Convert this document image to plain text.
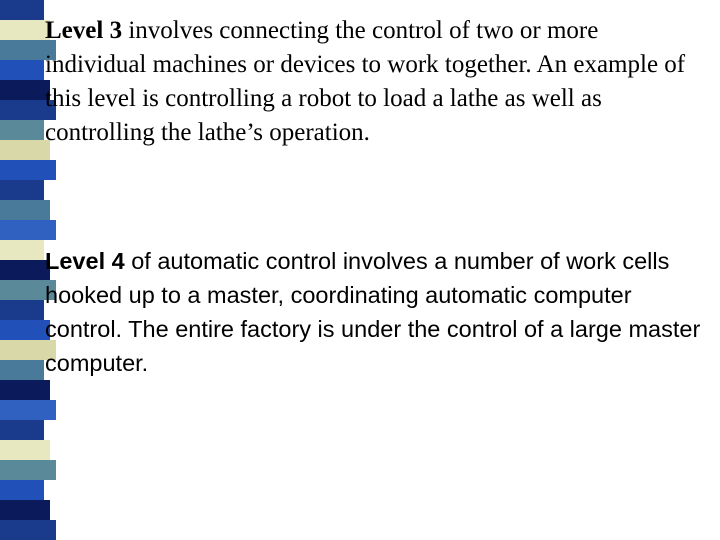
Level 3 involves connecting the control of two or more individual machines or devices to work together. An example of this level is controlling a robot to load a lathe as well as controlling the lathe’s operation.
Level 4 of automatic control involves a number of work cells hooked up to a master, coordinating automatic computer control. The entire factory is under the control of a large master computer.
